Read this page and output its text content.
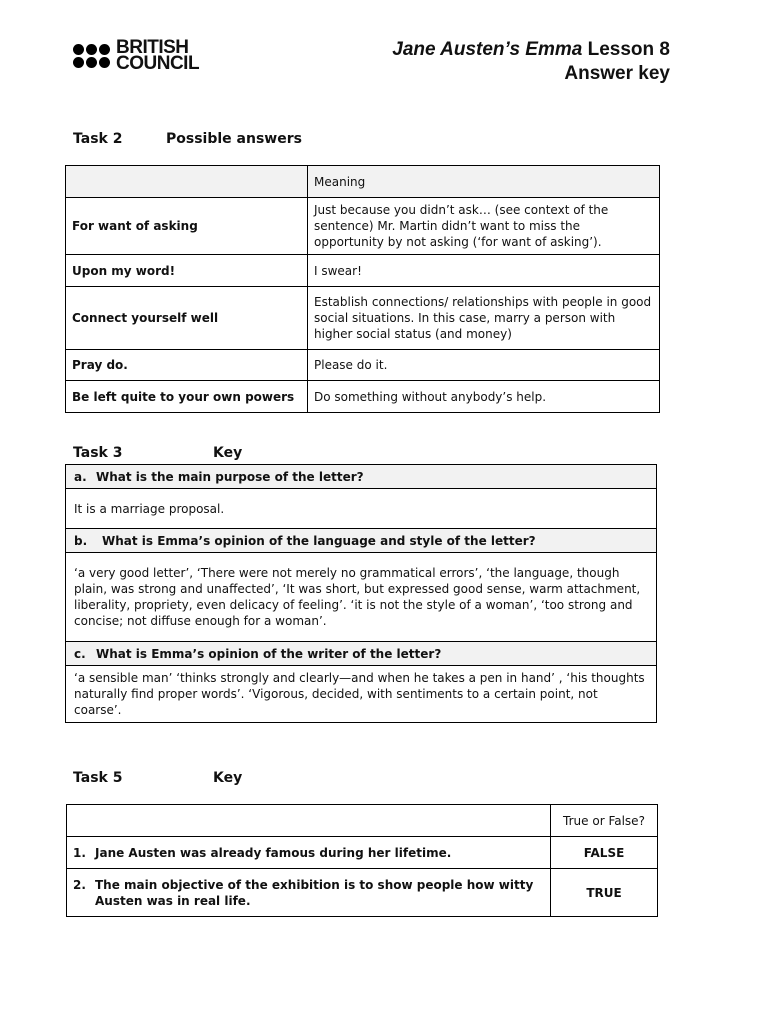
BRITISH
COUNCIL
Jane Austen’s Emma Lesson 8
Answer key
Task 2	Possible answers
	Meaning
For want of asking	Just because you didn’t ask… (see context of the sentence) Mr. Martin didn’t want to miss the opportunity by not asking (‘for want of asking’).
Upon my word!	I swear!
Connect yourself well	Establish connections/ relationships with people in good social situations. In this case, marry a person with higher social status (and money)
Pray do.	Please do it.
Be left quite to your own powers	Do something without anybody’s help.
Task 3	Key
a. What is the main purpose of the letter?
It is a marriage proposal.
b. What is Emma’s opinion of the language and style of the letter?
‘a very good letter’, ‘There were not merely no grammatical errors’, ‘the language, though plain, was strong and unaffected’, ‘It was short, but expressed good sense, warm attachment, liberality, propriety, even delicacy of feeling’. ‘it is not the style of a woman’, ‘too strong and concise; not diffuse enough for a woman’.
c. What is Emma’s opinion of the writer of the letter?
‘a sensible man’ ‘thinks strongly and clearly—and when he takes a pen in hand’ , ‘his thoughts naturally find proper words’. ‘Vigorous, decided, with sentiments to a certain point, not coarse’.
Task 5	Key
	True or False?
1. Jane Austen was already famous during her lifetime.	FALSE

2. The main objective of the exhibition is to show people how witty Austen was in real life.	TRUE
